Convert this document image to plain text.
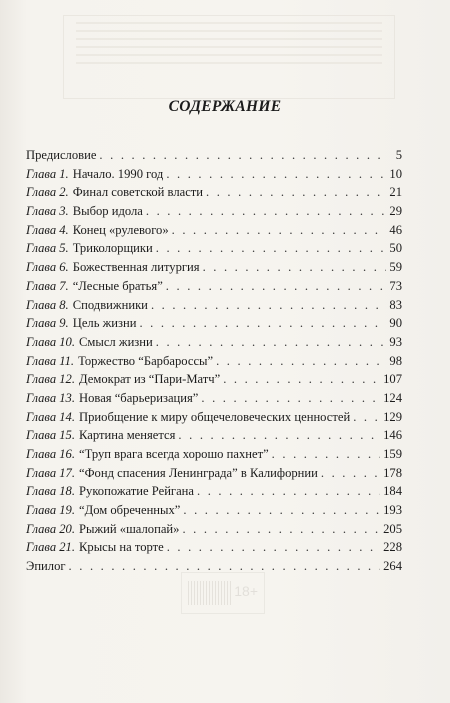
СОДЕРЖАНИЕ
Предисловие . . .	5
Глава 1. Начало. 1990 год . . .	10
Глава 2. Финал советской власти . . .	21
Глава 3. Выбор идола . . .	29
Глава 4. Конец «рулевого» . . .	46
Глава 5. Триколорщики . . .	50
Глава 6. Божественная литургия . . .	59
Глава 7. “Лесные братья” . . .	73
Глава 8. Сподвижники . . .	83
Глава 9. Цель жизни . . .	90
Глава 10. Смысл жизни . . .	93
Глава 11. Торжество “Барбароссы” . . .	98
Глава 12. Демократ из “Пари-Матч” . . .	107
Глава 13. Новая “барьеризация” . . .	124
Глава 14. Приобщение к миру общечеловеческих ценностей . . .	129
Глава 15. Картина меняется . . .	146
Глава 16. “Труп врага всегда хорошо пахнет” . . .	159
Глава 17. “Фонд спасения Ленинграда” в Калифорнии . . .	178
Глава 18. Рукопожатие Рейгана . . .	184
Глава 19. “Дом обреченных” . . .	193
Глава 20. Рыжий «шалопай» . . .	205
Глава 21. Крысы на торте . . .	228
Эпилог . . .	264
18+
